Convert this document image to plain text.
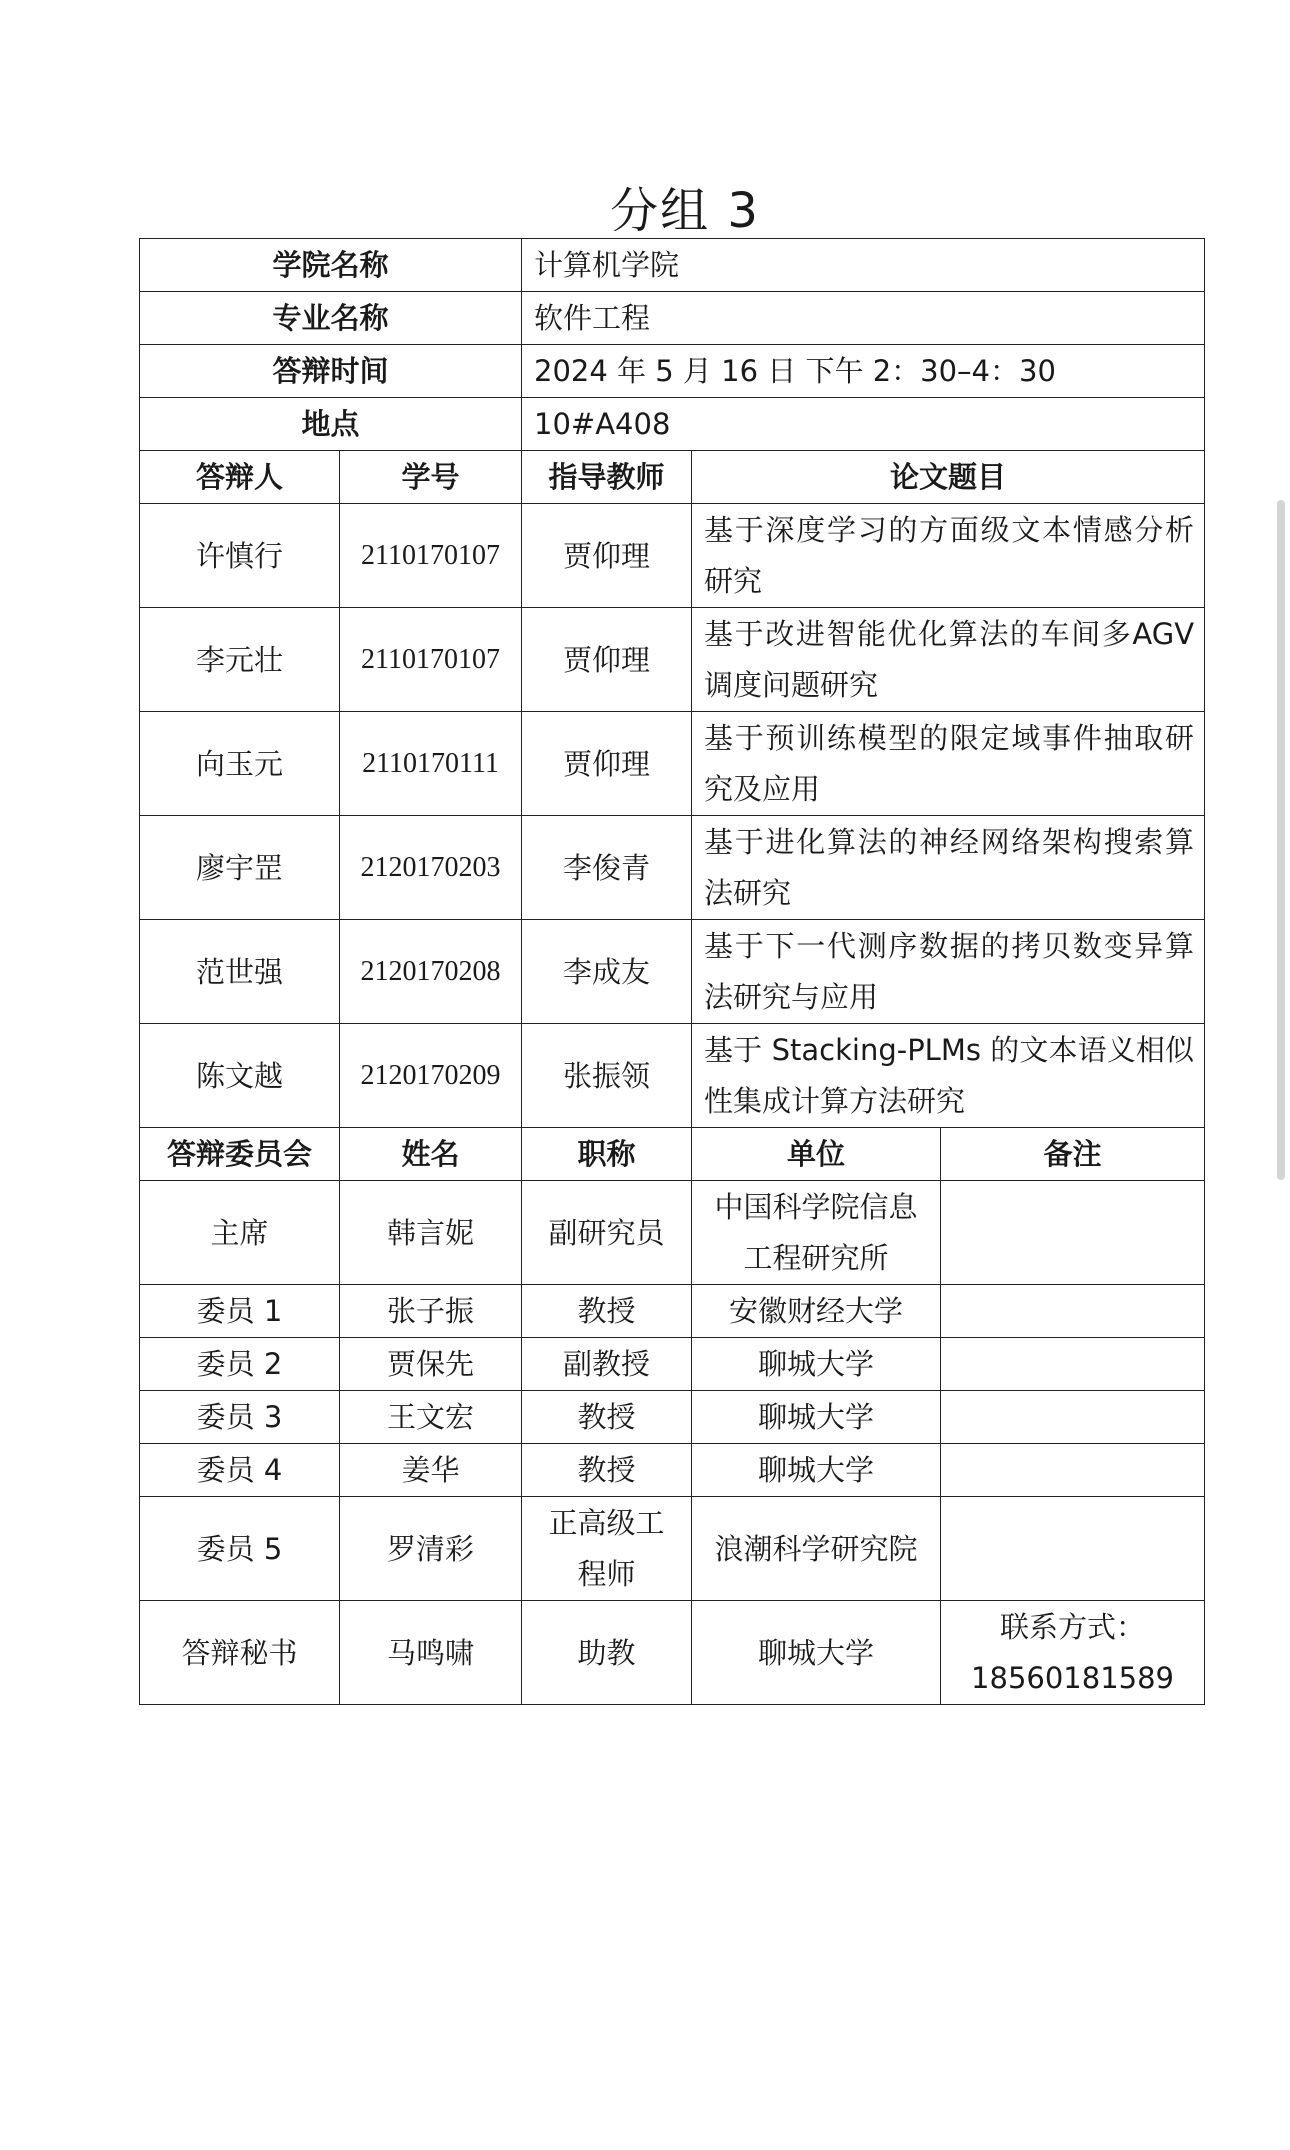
分组 3
学院名称		计算机学院		
专业名称		软件工程		
答辩时间		2024 年 5 月 16 日 下午 2：30–4：30		
地点		10#A408		
答辩人	学号	指导教师	论文题目	
许慎行	2110170107	贾仰理	基于深度学习的方面级文本情感分析研究	

李元壮	2110170107	贾仰理	基于改进智能优化算法的车间多AGV 调度问题研究	

向玉元	2110170111	贾仰理	基于预训练模型的限定域事件抽取研究及应用	

廖宇罡	2120170203	李俊青	基于进化算法的神经网络架构搜索算法研究	

范世强	2120170208	李成友	基于下一代测序数据的拷贝数变异算法研究与应用	

陈文越	2120170209	张振领	基于 Stacking-PLMs 的文本语义相似性集成计算方法研究	

答辩委员会	姓名	职称	单位	备注
主席	韩言妮	副研究员	中国科学院信息
工程研究所	

委员 1	张子振	教授	安徽财经大学	
委员 2	贾保先	副教授	聊城大学	
委员 3	王文宏	教授	聊城大学	
委员 4	姜华	教授	聊城大学	
委员 5	罗清彩	正高级工
程师	浪潮科学研究院	
答辩秘书	马鸣啸	助教	聊城大学	联系方式：
18560181589
